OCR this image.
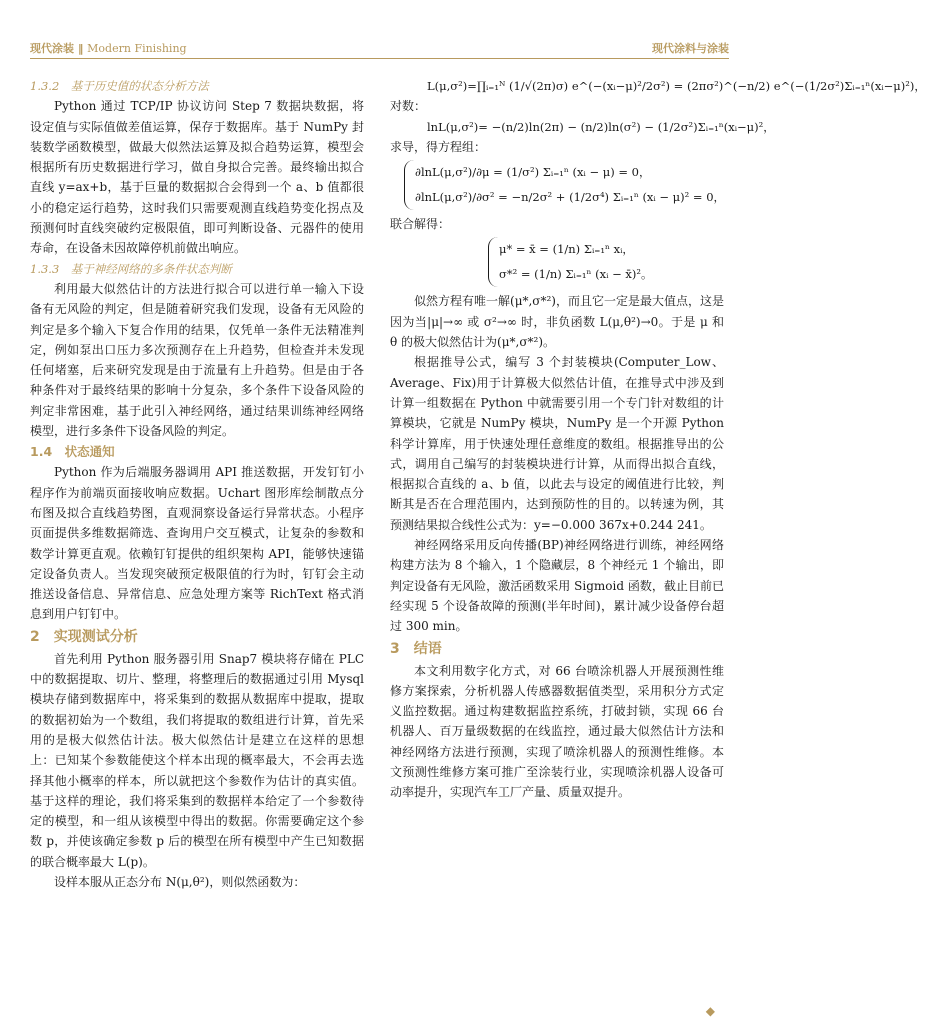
现代涂装 ‖ Modern Finishing	现代涂料与涂装
1.3.2　基于历史值的状态分析方法

Python 通过 TCP/IP 协议访问 Step 7 数据块数据，将设定值与实际值做差值运算，保存于数据库。基于 NumPy 封装数学函数模型，做最大似然法运算及拟合趋势运算，模型会根据所有历史数据进行学习，做自身拟合完善。最终输出拟合直线 y=ax+b，基于巨量的数据拟合会得到一个 a、b 值都很小的稳定运行趋势，这时我们只需要观测直线趋势变化拐点及预测何时直线突破约定极限值，即可判断设备、元器件的使用寿命，在设备未因故障停机前做出响应。

1.3.3　基于神经网络的多条件状态判断

利用最大似然估计的方法进行拟合可以进行单一输入下设备有无风险的判定，但是随着研究我们发现，设备有无风险的判定是多个输入下复合作用的结果，仅凭单一条件无法精准判定，例如泵出口压力多次预测存在上升趋势，但检查并未发现任何堵塞，后来研究发现是由于流量有上升趋势。但是由于各种条件对于最终结果的影响十分复杂，多个条件下设备风险的判定非常困难，基于此引入神经网络，通过结果训练神经网络模型，进行多条件下设备风险的判定。

1.4　状态通知

Python 作为后端服务器调用 API 推送数据，开发钉钉小程序作为前端页面接收响应数据。Uchart 图形库绘制散点分布图及拟合直线趋势图，直观洞察设备运行异常状态。小程序页面提供多维数据筛选、查询用户交互模式，让复杂的参数和数学计算更直观。依赖钉钉提供的组织架构 API，能够快速锚定设备负责人。当发现突破预定极限值的行为时，钉钉会主动推送设备信息、异常信息、应急处理方案等 RichText 格式消息到用户钉钉中。

2　实现测试分析

首先利用 Python 服务器引用 Snap7 模块将存储在 PLC 中的数据提取、切片、整理，将整理后的数据通过引用 Mysql 模块存储到数据库中，将采集到的数据从数据库中提取，提取的数据初始为一个数组，我们将提取的数组进行计算，首先采用的是极大似然估计法。极大似然估计是建立在这样的思想上：已知某个参数能使这个样本出现的概率最大，不会再去选择其他小概率的样本，所以就把这个参数作为估计的真实值。基于这样的理论，我们将采集到的数据样本给定了一个参数待定的模型，和一组从该模型中得出的数据。你需要确定这个参数 p，并使该确定参数 p 后的模型在所有模型中产生已知数据的联合概率最大 L(p)。

设样本服从正态分布 N(μ,θ²)，则似然函数为：

L(μ,σ²)=∏ᵢ₌₁ᴺ (1/√(2π)σ) e^(−(xᵢ−μ)²/2σ²) = (2πσ²)^(−n/2) e^(−(1/2σ²)Σᵢ₌₁ⁿ(xᵢ−μ)²)，

对数：

lnL(μ,σ²)= −(n/2)ln(2π) − (n/2)ln(σ²) − (1/2σ²)Σᵢ₌₁ⁿ(xᵢ−μ)²，

求导，得方程组：

∂lnL(μ,σ²)/∂μ = (1/σ²) Σᵢ₌₁ⁿ (xᵢ − μ) = 0，
∂lnL(μ,σ²)/∂σ² = −n/2σ² + (1/2σ⁴) Σᵢ₌₁ⁿ (xᵢ − μ)² = 0，

联合解得：

μ* = x̄ = (1/n) Σᵢ₌₁ⁿ xᵢ，
σ*² = (1/n) Σᵢ₌₁ⁿ (xᵢ − x̄)²。

似然方程有唯一解(μ*,σ*²)，而且它一定是最大值点，这是因为当|μ|→∞ 或 σ²→∞ 时，非负函数 L(μ,θ²)→0。于是 μ 和 θ 的极大似然估计为(μ*,σ*²)。

根据推导公式，编写 3 个封装模块(Computer_Low、Average、Fix)用于计算极大似然估计值，在推导式中涉及到计算一组数据在 Python 中就需要引用一个专门针对数组的计算模块，它就是 NumPy 模块，NumPy 是一个开源 Python 科学计算库，用于快速处理任意维度的数组。根据推导出的公式，调用自己编写的封装模块进行计算，从而得出拟合直线，根据拟合直线的 a、b 值，以此去与设定的阈值进行比较，判断其是否在合理范围内，达到预防性的目的。以转速为例，其预测结果拟合线性公式为：y=−0.000 367x+0.244 241。

神经网络采用反向传播(BP)神经网络进行训练，神经网络构建方法为 8 个输入，1 个隐藏层，8 个神经元 1 个输出，即判定设备有无风险，激活函数采用 Sigmoid 函数，截止目前已经实现 5 个设备故障的预测(半年时间)，累计减少设备停台超过 300 min。

3　结语

本文利用数字化方式，对 66 台喷涂机器人开展预测性维修方案探索，分析机器人传感器数据值类型，采用积分方式定义监控数据。通过构建数据监控系统，打破封锁，实现 66 台机器人、百万量级数据的在线监控，通过最大似然估计方法和神经网络方法进行预测，实现了喷涂机器人的预测性维修。本文预测性维修方案可推广至涂装行业，实现喷涂机器人设备可动率提升，实现汽车工厂产量、质量双提升。

◆
